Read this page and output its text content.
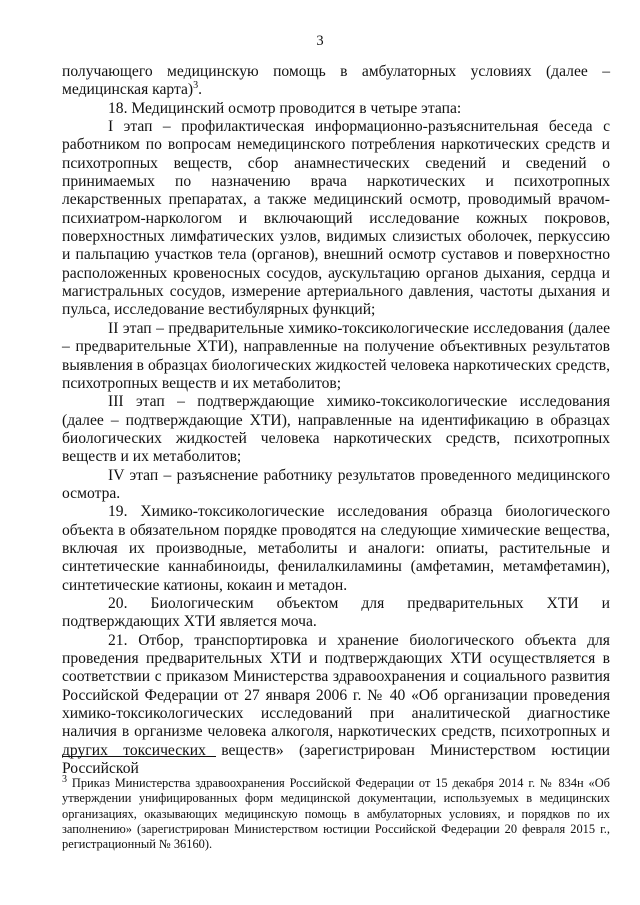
3

получающего медицинскую помощь в амбулаторных условиях (далее – медицинская карта)$^3$.

18. Медицинский осмотр проводится в четыре этапа:

I этап – профилактическая информационно-разъяснительная беседа с работником по вопросам немедицинского потребления наркотических средств и психотропных веществ, сбор анамнестических сведений и сведений о принимаемых по назначению врача наркотических и психотропных лекарственных препаратах, а также медицинский осмотр, проводимый врачом-психиатром-наркологом и включающий исследование кожных покровов, поверхностных лимфатических узлов, видимых слизистых оболочек, перкуссию и пальпацию участков тела (органов), внешний осмотр суставов и поверхностно расположенных кровеносных сосудов, аускультацию органов дыхания, сердца и магистральных сосудов, измерение артериального давления, частоты дыхания и пульса, исследование вестибулярных функций;

II этап – предварительные химико-токсикологические исследования (далее – предварительные ХТИ), направленные на получение объективных результатов выявления в образцах биологических жидкостей человека наркотических средств, психотропных веществ и их метаболитов;

III этап – подтверждающие химико-токсикологические исследования (далее – подтверждающие ХТИ), направленные на идентификацию в образцах биологических жидкостей человека наркотических средств, психотропных веществ и их метаболитов;

IV этап – разъяснение работнику результатов проведенного медицинского осмотра.

19. Химико-токсикологические исследования образца биологического объекта в обязательном порядке проводятся на следующие химические вещества, включая их производные, метаболиты и аналоги: опиаты, растительные и синтетические каннабиноиды, фенилалкиламины (амфетамин, метамфетамин), синтетические катионы, кокаин и метадон.

20. Биологическим объектом для предварительных ХТИ и подтверждающих ХТИ является моча.

21. Отбор, транспортировка и хранение биологического объекта для проведения предварительных ХТИ и подтверждающих ХТИ осуществляется в соответствии с приказом Министерства здравоохранения и социального развития Российской Федерации от 27 января 2006 г. № 40 «Об организации проведения химико-токсикологических исследований при аналитической диагностике наличия в организме человека алкоголя, наркотических средств, психотропных и других токсических веществ» (зарегистрирован Министерством юстиции Российской

$^3$ Приказ Министерства здравоохранения Российской Федерации от 15 декабря 2014 г. № 834н «Об утверждении унифицированных форм медицинской документации, используемых в медицинских организациях, оказывающих медицинскую помощь в амбулаторных условиях, и порядков по их заполнению» (зарегистрирован Министерством юстиции Российской Федерации 20 февраля 2015 г., регистрационный № 36160).
